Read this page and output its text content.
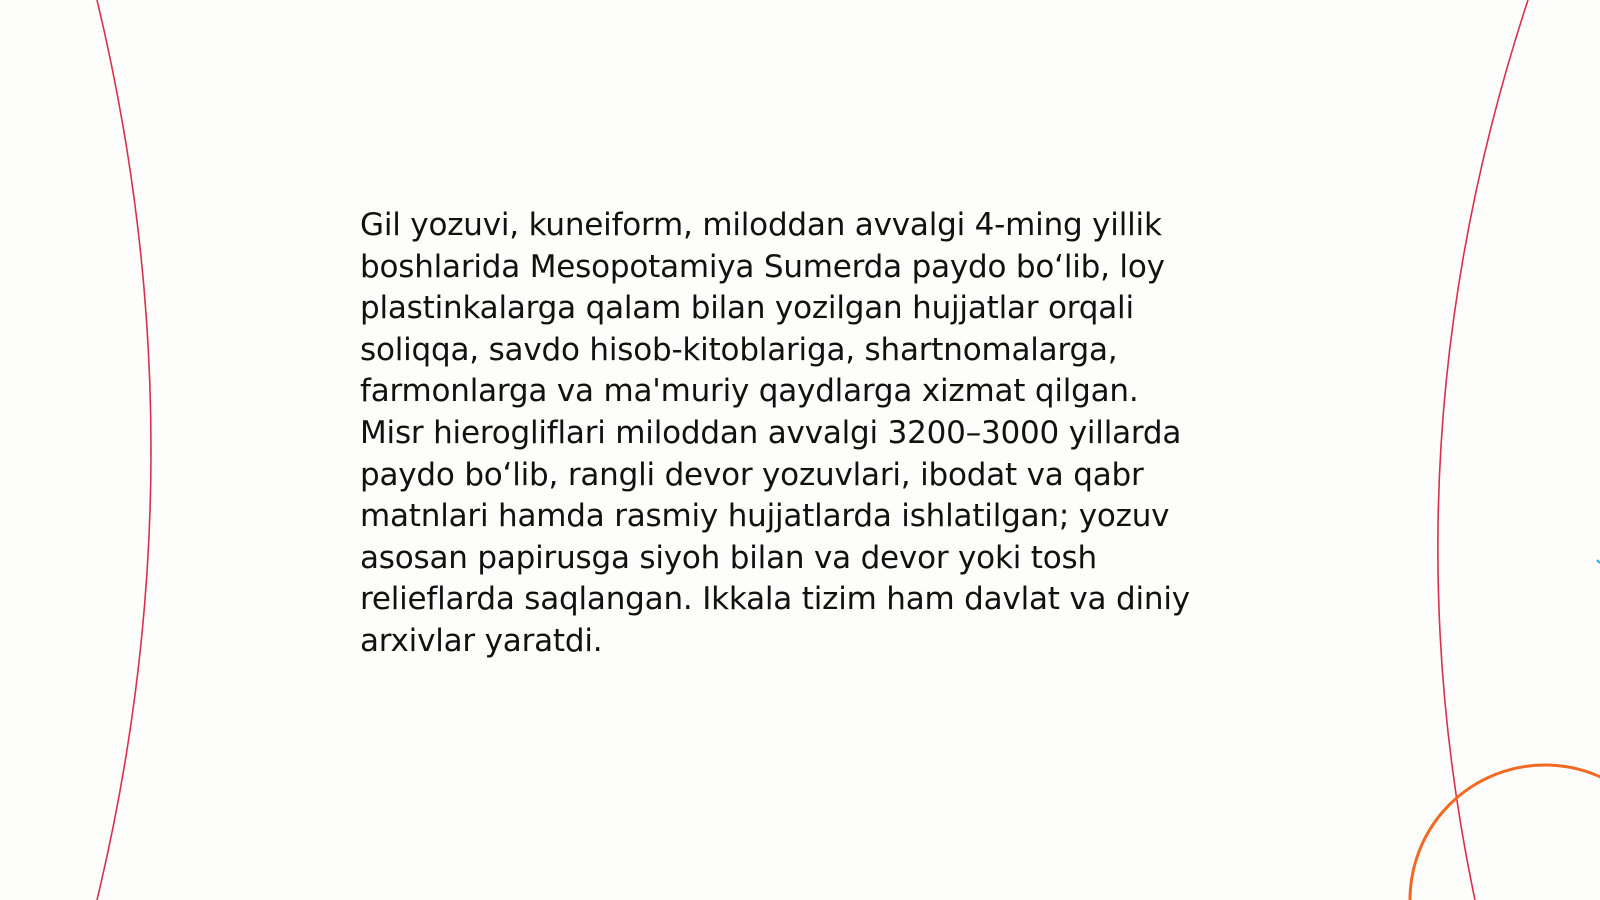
Gil yozuvi, kuneiform, miloddan avvalgi 4-ming yillik
boshlarida Mesopotamiya Sumerda paydo bo‘lib, loy
plastinkalarga qalam bilan yozilgan hujjatlar orqali
soliqqa, savdo hisob-kitoblariga, shartnomalarga,
farmonlarga va ma'muriy qaydlarga xizmat qilgan.
Misr hierogliflari miloddan avvalgi 3200–3000 yillarda
paydo bo‘lib, rangli devor yozuvlari, ibodat va qabr
matnlari hamda rasmiy hujjatlarda ishlatilgan; yozuv
asosan papirusga siyoh bilan va devor yoki tosh
relieflarda saqlangan. Ikkala tizim ham davlat va diniy
arxivlar yaratdi.
